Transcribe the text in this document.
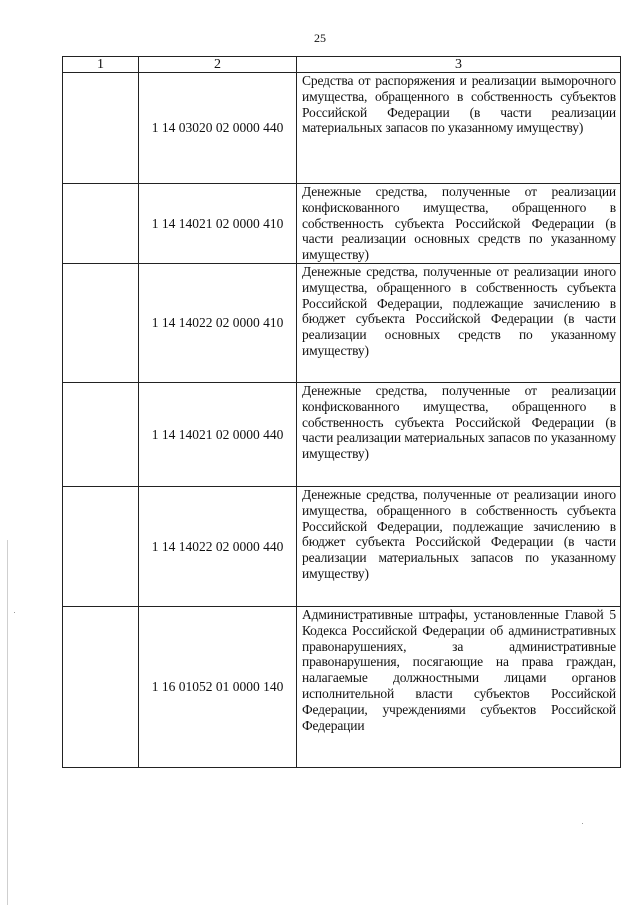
25
1	2	3
	1 14 03020 02 0000 440	Средства от распоряжения и реализации выморочного имущества, обращенного в собственность субъектов Российской Федерации (в части реализации материальных запасов по указанному имуществу)
	1 14 14021 02 0000 410	Денежные средства, полученные от реализации конфискованного имущества, обращенного в собственность субъекта Российской Федерации (в части реализации основных средств по указанному имуществу)
	1 14 14022 02 0000 410	Денежные средства, полученные от реализации иного имущества, обращенного в собственность субъекта Российской Федерации, подлежащие зачислению в бюджет субъекта Российской Федерации (в части реализации основных средств по указанному имуществу)
	1 14 14021 02 0000 440	Денежные средства, полученные от реализации конфискованного имущества, обращенного в собственность субъекта Российской Федерации (в части реализации материальных запасов по указанному имуществу)
	1 14 14022 02 0000 440	Денежные средства, полученные от реализации иного имущества, обращенного в собственность субъекта Российской Федерации, подлежащие зачислению в бюджет субъекта Российской Федерации (в части реализации материальных запасов по указанному имуществу)
	1 16 01052 01 0000 140	Административные штрафы, установленные Главой 5 Кодекса Российской Федерации об административных правонарушениях, за административные правонарушения, посягающие на права граждан, налагаемые должностными лицами органов исполнительной власти субъектов Российской Федерации, учреждениями субъектов Российской Федерации
